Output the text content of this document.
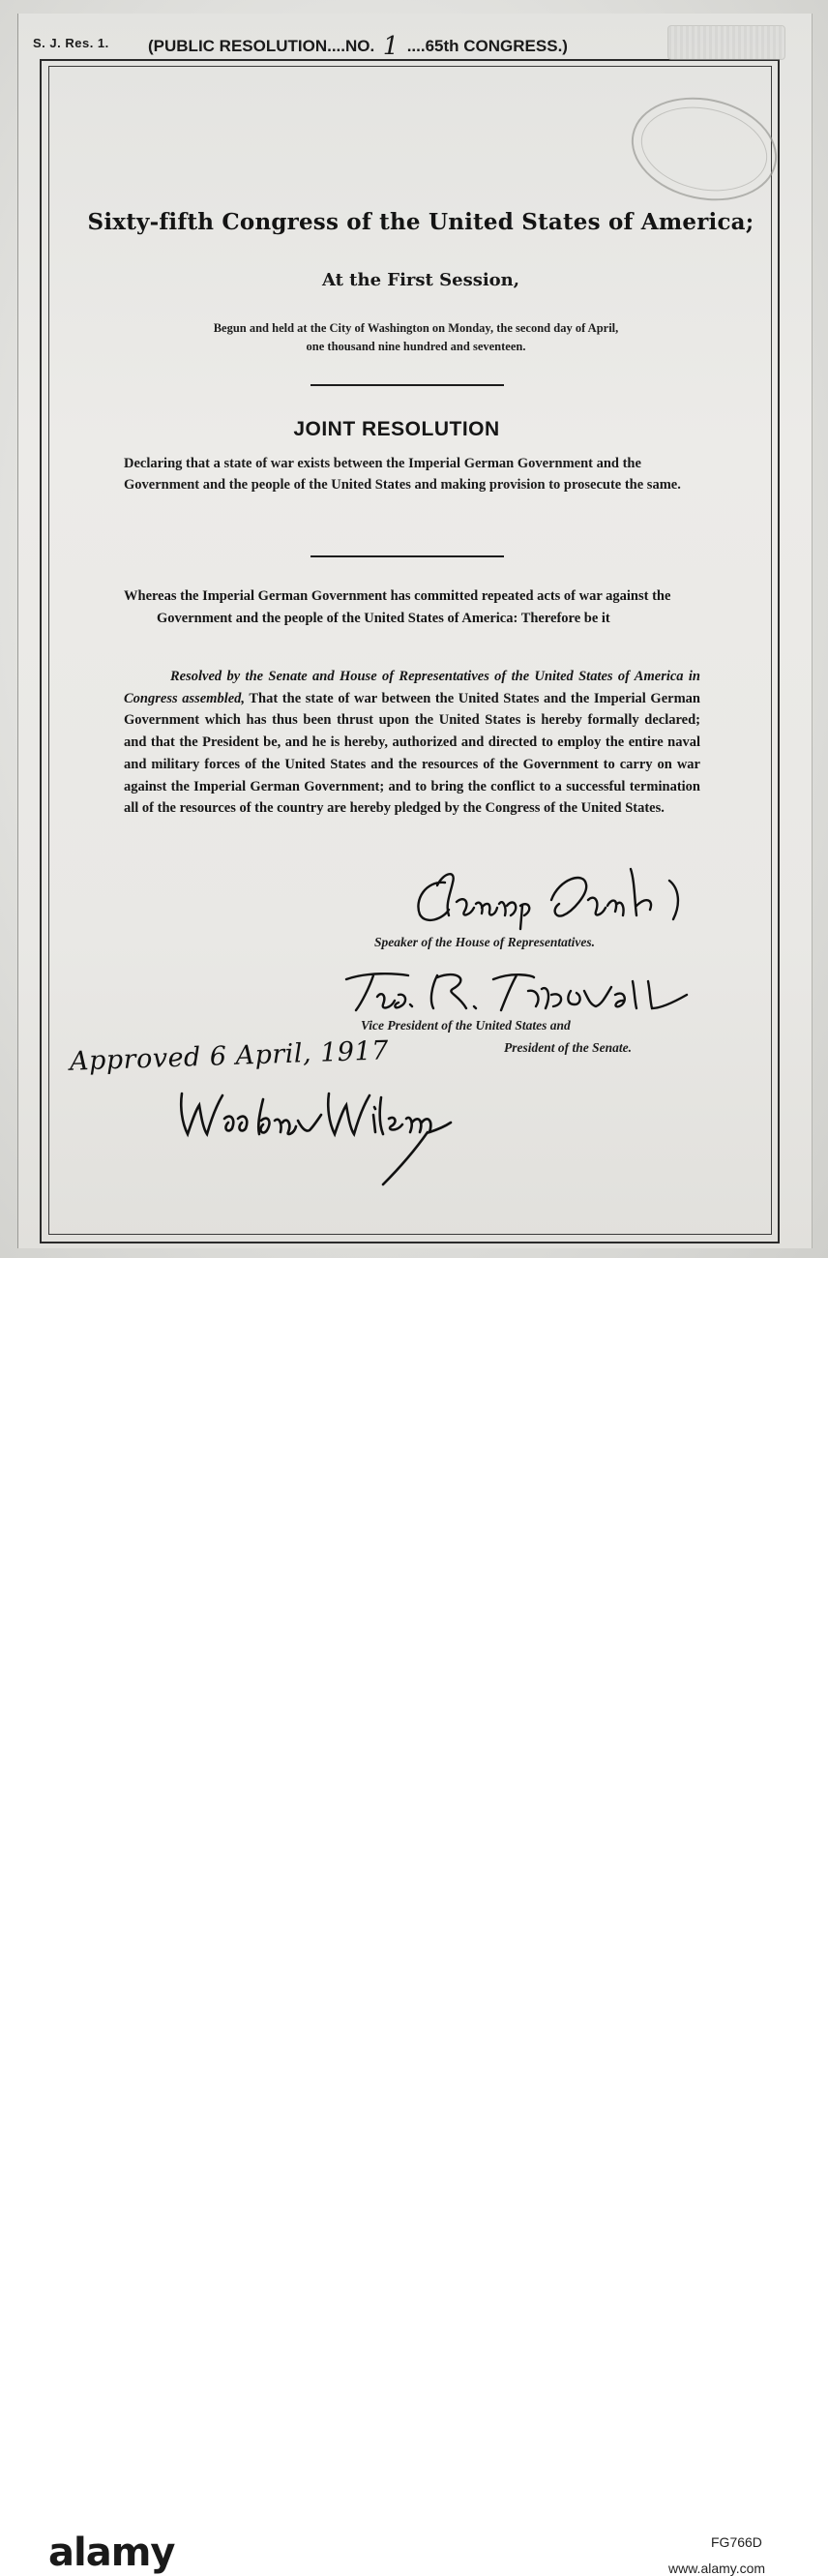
S. J. Res. 1. (PUBLIC RESOLUTION....NO. 1 ....65th CONGRESS.)
Sixty-fifth Congress of the United States of America;
At the First Session,
Begun and held at the City of Washington on Monday, the second day of April,
one thousand nine hundred and seventeen.
JOINT RESOLUTION
Declaring that a state of war exists between the Imperial German Government and the Government and the people of the United States and making provision to prosecute the same.
Whereas the Imperial German Government has committed repeated acts of war against the Government and the people of the United States of America: Therefore be it
Resolved by the Senate and House of Representatives of the United States of America in Congress assembled, That the state of war between the United States and the Imperial German Government which has thus been thrust upon the United States is hereby formally declared; and that the President be, and he is hereby, authorized and directed to employ the entire naval and military forces of the United States and the resources of the Government to carry on war against the Imperial German Government; and to bring the conflict to a successful termination all of the resources of the country are hereby pledged by the Congress of the United States.
Speaker of the House of Representatives.
Vice President of the United States and
President of the Senate.
Approved 6 April, 1917
alamy	FG766D
www.alamy.com
